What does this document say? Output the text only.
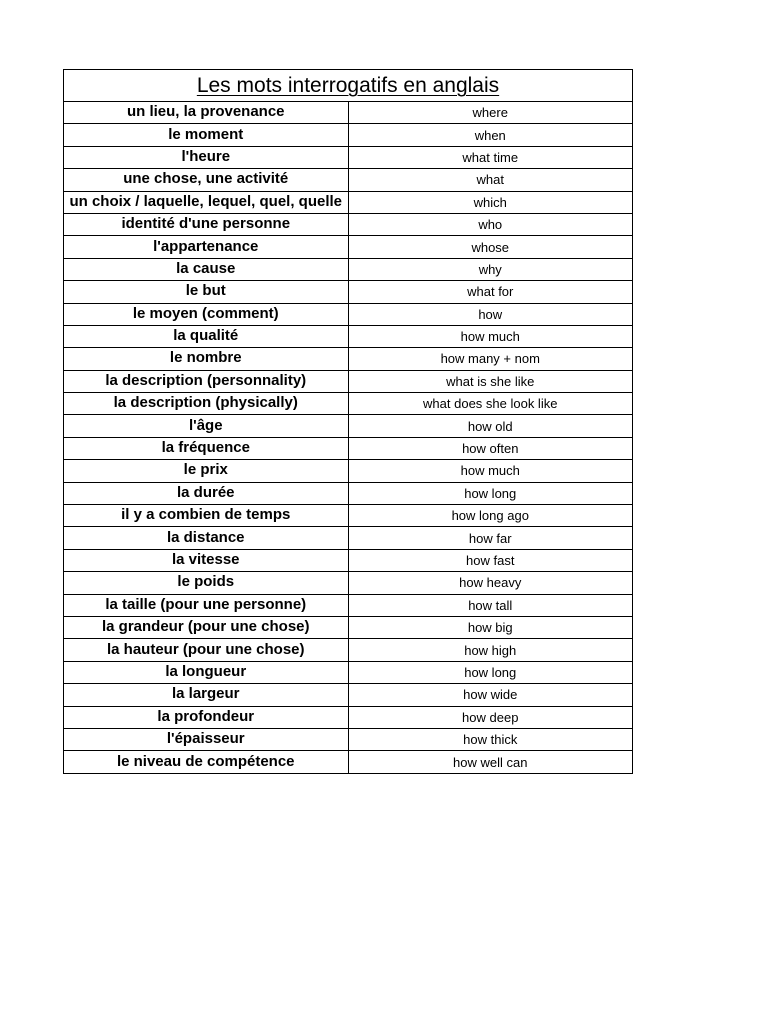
Les mots interrogatifs en anglais	
un lieu, la provenance	where
le moment	when
l'heure	what time
une chose, une activité	what
un choix / laquelle, lequel, quel, quelle	which
identité d'une personne	who
l'appartenance	whose
la cause	why
le but	what for
le moyen (comment)	how
la qualité	how much
le nombre	how many + nom
la description (personnality)	what is she like
la description (physically)	what does she look like
l'âge	how old
la fréquence	how often
le prix	how much
la durée	how long
il y a combien de temps	how long ago
la distance	how far
la vitesse	how fast
le poids	how heavy
la taille (pour une personne)	how tall
la grandeur (pour une chose)	how big
la hauteur (pour une chose)	how high
la longueur	how long
la largeur	how wide
la profondeur	how deep
l'épaisseur	how thick
le niveau de compétence	how well can
